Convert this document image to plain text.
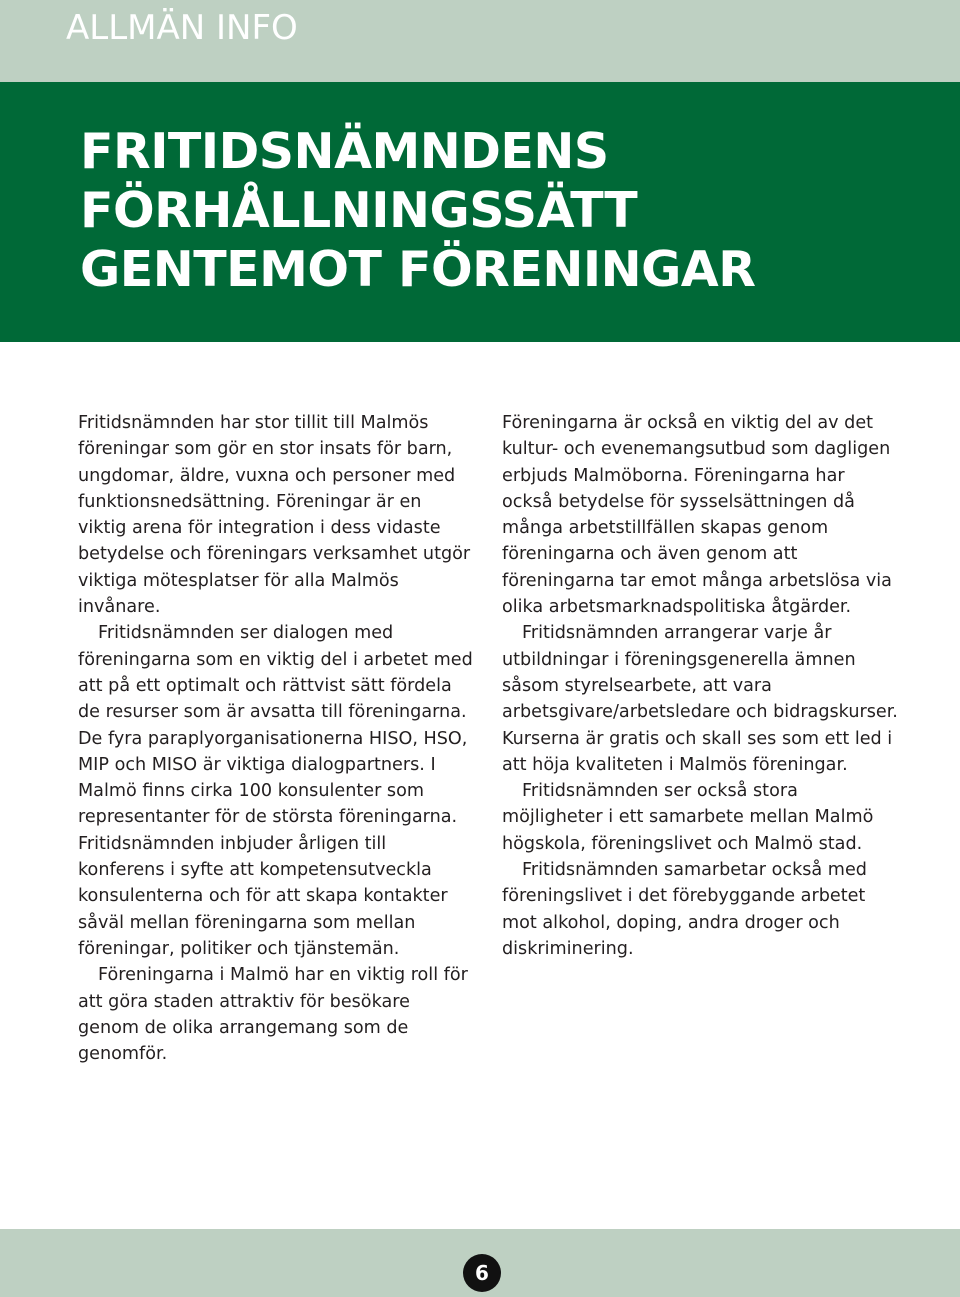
ALLMÄN INFO
FRITIDSNÄMNDENS
FÖRHÅLLNINGSSÄTT
GENTEMOT FÖRENINGAR

Fritidsnämnden har stor tillit till Malmös föreningar som gör en stor insats för barn, ungdomar, äldre, vuxna och personer med funktionsnedsättning. Föreningar är en viktig arena för integration i dess vidaste betydelse och föreningars verksamhet utgör viktiga mötesplatser för alla Malmös invånare.

Fritidsnämnden ser dialogen med föreningarna som en viktig del i arbetet med att på ett optimalt och rättvist sätt fördela de resurser som är avsatta till föreningarna. De fyra paraplyorganisationerna HISO, HSO, MIP och MISO är viktiga dialogpartners. I Malmö finns cirka 100 konsulenter som representanter för de största föreningarna. Fritidsnämnden inbjuder årligen till konferens i syfte att kompetensutveckla konsulenterna och för att skapa kontakter såväl mellan föreningarna som mellan föreningar, politiker och tjänstemän.

Föreningarna i Malmö har en viktig roll för att göra staden attraktiv för besökare genom de olika arrangemang som de genomför.

Föreningarna är också en viktig del av det kultur- och evenemangsutbud som dagligen erbjuds Malmöborna. Föreningarna har också betydelse för sysselsättningen då många arbetstillfällen skapas genom föreningarna och även genom att föreningarna tar emot många arbetslösa via olika arbetsmarknadspolitiska åtgärder.

Fritidsnämnden arrangerar varje år utbildningar i föreningsgenerella ämnen såsom styrelsearbete, att vara arbetsgivare/arbetsledare och bidragskurser. Kurserna är gratis och skall ses som ett led i att höja kvaliteten i Malmös föreningar.

Fritidsnämnden ser också stora möjligheter i ett samarbete mellan Malmö högskola, föreningslivet och Malmö stad.

Fritidsnämnden samarbetar också med föreningslivet i det förebyggande arbetet mot alkohol, doping, andra droger och diskriminering.

6
